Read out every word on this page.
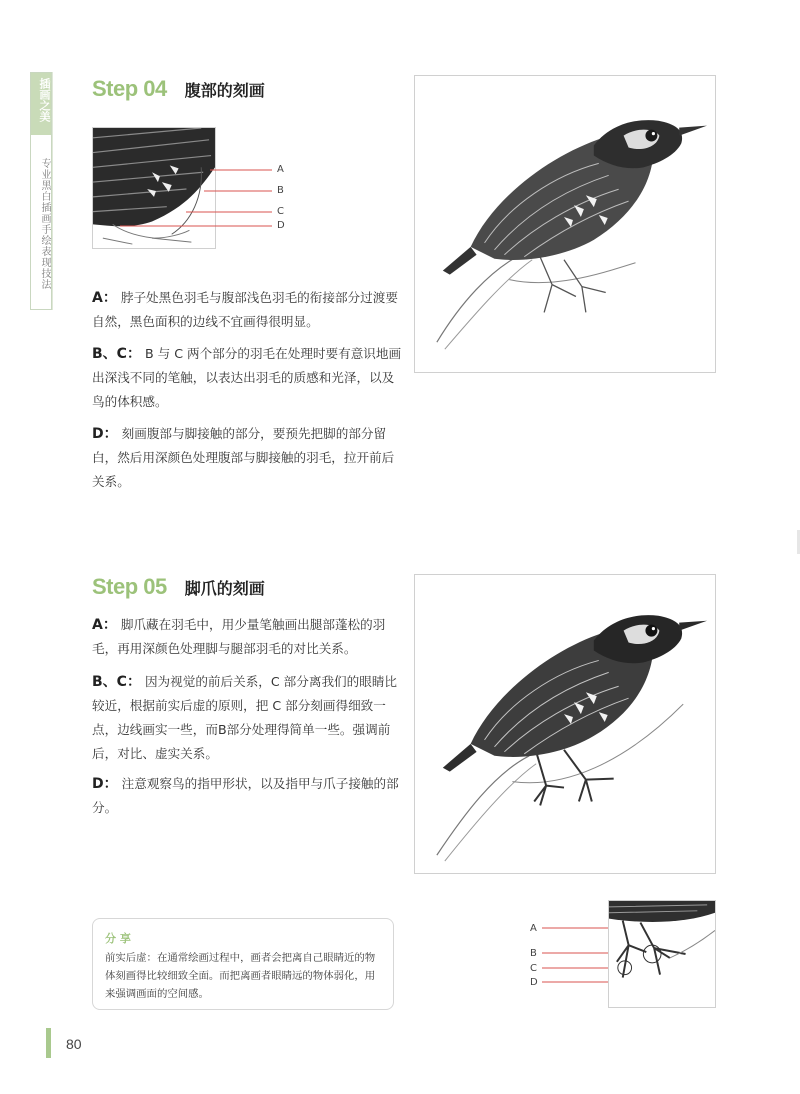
插画之美
专业黑白插画手绘表现技法
Step 04 腹部的刻画
A
B
C
D

A： 脖子处黑色羽毛与腹部浅色羽毛的衔接部分过渡要自然，黑色面积的边线不宜画得很明显。

B、C： B 与 C 两个部分的羽毛在处理时要有意识地画出深浅不同的笔触，以表达出羽毛的质感和光泽，以及鸟的体积感。

D： 刻画腹部与脚接触的部分，要预先把脚的部分留白，然后用深颜色处理腹部与脚接触的羽毛，拉开前后关系。

Step 05 脚爪的刻画

A： 脚爪藏在羽毛中，用少量笔触画出腿部蓬松的羽毛，再用深颜色处理脚与腿部羽毛的对比关系。

B、C： 因为视觉的前后关系，C 部分离我们的眼睛比较近，根据前实后虚的原则，把 C 部分刻画得细致一点，边线画实一些，而B部分处理得简单一些。强调前后，对比、虚实关系。

D： 注意观察鸟的指甲形状，以及指甲与爪子接触的部分。

分 享
前实后虚：在通常绘画过程中，画者会把离自己眼睛近的物体刻画得比较细致全面。而把离画者眼睛远的物体弱化，用来强调画面的空间感。
A
B
C
D
80
